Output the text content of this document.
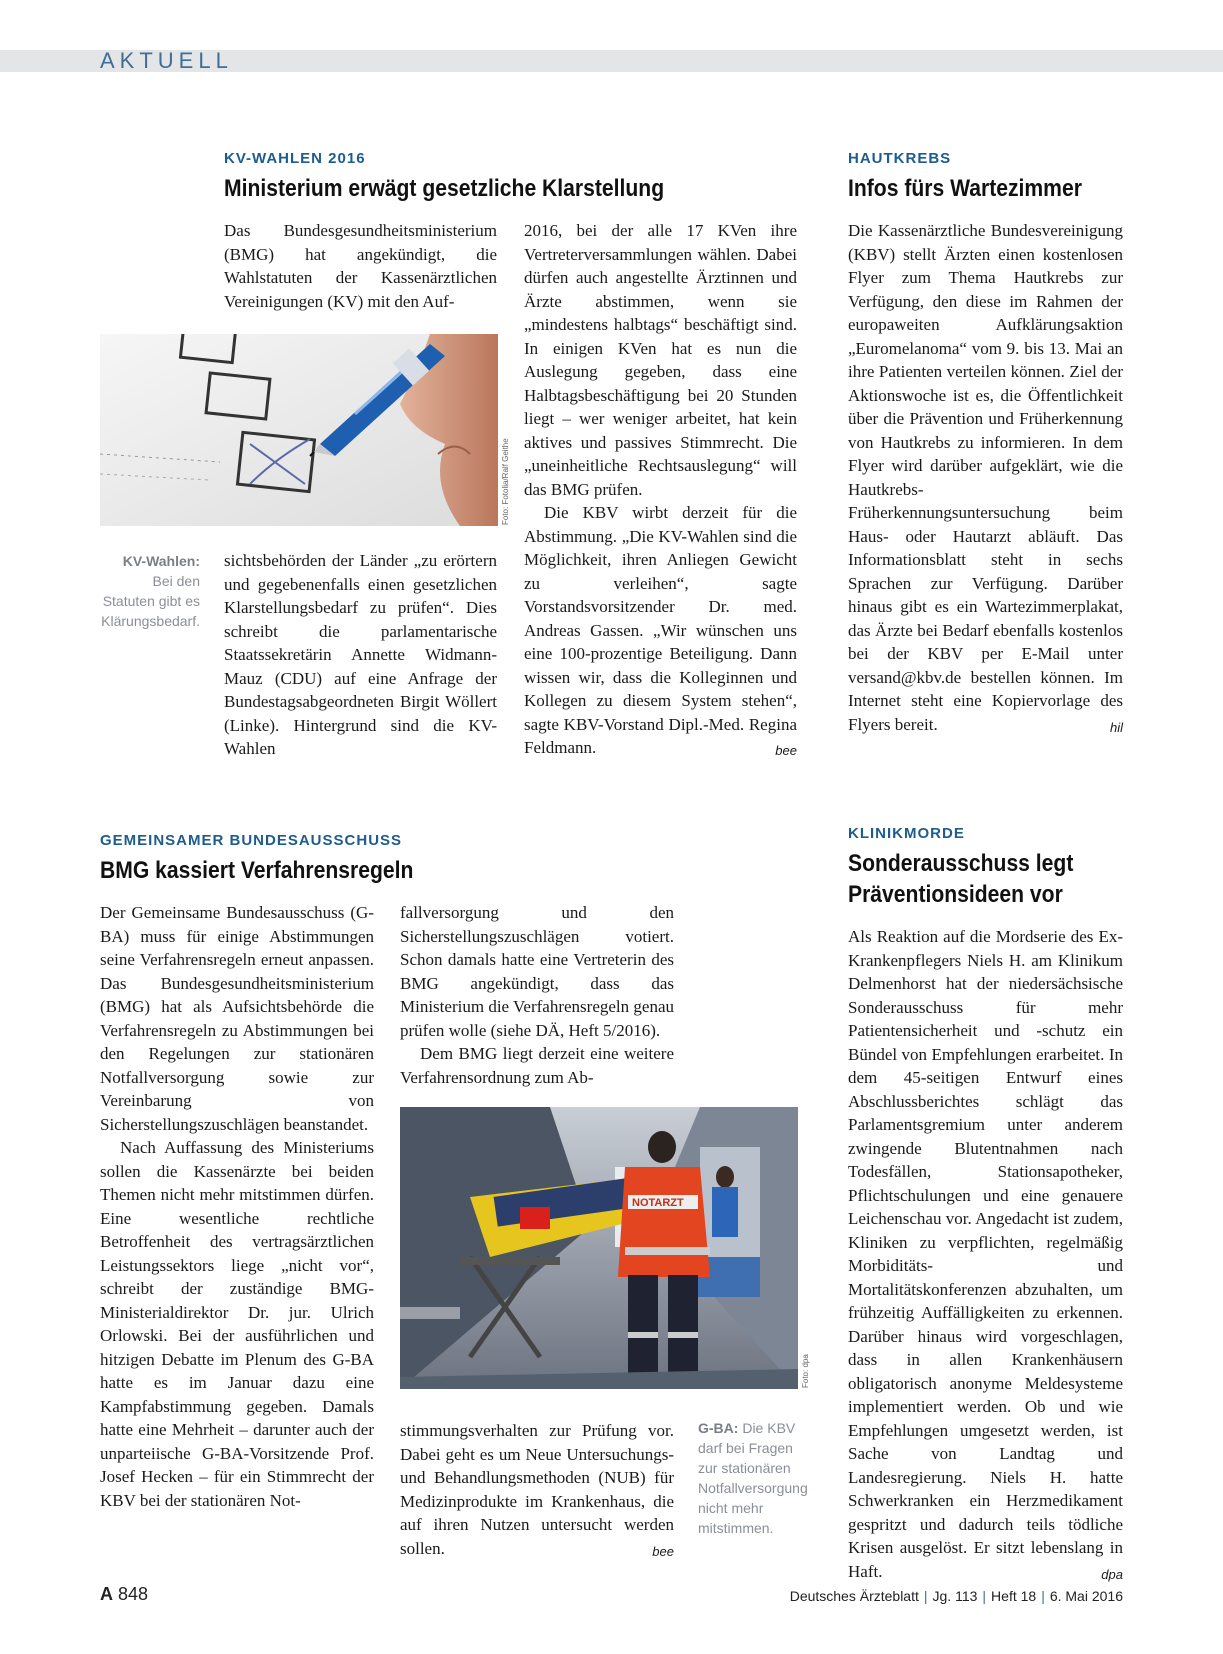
AKTUELL
KV-WAHLEN 2016
Ministerium erwägt gesetzliche Klarstellung

Das Bundesgesundheitsministerium (BMG) hat angekündigt, die Wahlstatuten der Kassenärztlichen Vereinigungen (KV) mit den Auf-

Foto: Fotolia/Ralf Geithe
KV-Wahlen: Bei den Statuten gibt es Klärungsbedarf.

sichtsbehörden der Länder „zu erörtern und gegebenenfalls einen gesetzlichen Klarstellungsbedarf zu prüfen“. Dies schreibt die parlamentarische Staatssekretärin Annette Widmann-Mauz (CDU) auf eine Anfrage der Bundestagsabgeordneten Birgit Wöllert (Linke). Hintergrund sind die KV-Wahlen

2016, bei der alle 17 KVen ihre Vertreterversammlungen wählen. Dabei dürfen auch angestellte Ärztinnen und Ärzte abstimmen, wenn sie „mindestens halbtags“ beschäftigt sind. In einigen KVen hat es nun die Auslegung gegeben, dass eine Halbtagsbeschäftigung bei 20 Stunden liegt – wer weniger arbeitet, hat kein aktives und passives Stimmrecht. Die „uneinheitliche Rechtsauslegung“ will das BMG prüfen.

Die KBV wirbt derzeit für die Abstimmung. „Die KV-Wahlen sind die Möglichkeit, ihren Anliegen Gewicht zu verleihen“, sagte Vorstandsvorsitzender Dr. med. Andreas Gassen. „Wir wünschen uns eine 100-prozentige Beteiligung. Dann wissen wir, dass die Kolleginnen und Kollegen zu diesem System stehen“, sagte KBV-Vorstand Dipl.-Med. Regina Feldmann.	bee

HAUTKREBS
Infos fürs Wartezimmer

Die Kassenärztliche Bundesvereinigung (KBV) stellt Ärzten einen kostenlosen Flyer zum Thema Hautkrebs zur Verfügung, den diese im Rahmen der europaweiten Aufklärungsaktion „Euromelanoma“ vom 9. bis 13. Mai an ihre Patienten verteilen können. Ziel der Aktionswoche ist es, die Öffentlichkeit über die Prävention und Früherkennung von Hautkrebs zu informieren. In dem Flyer wird darüber aufgeklärt, wie die Hautkrebs-Früherkennungsuntersuchung beim Haus- oder Hautarzt abläuft. Das Informationsblatt steht in sechs Sprachen zur Verfügung. Darüber hinaus gibt es ein Wartezimmerplakat, das Ärzte bei Bedarf ebenfalls kostenlos bei der KBV per E-Mail unter versand@kbv.de bestellen können. Im Internet steht eine Kopiervorlage des Flyers bereit.	hil

GEMEINSAMER BUNDESAUSSCHUSS
BMG kassiert Verfahrensregeln

Der Gemeinsame Bundesausschuss (G-BA) muss für einige Abstimmungen seine Verfahrensregeln erneut anpassen. Das Bundesgesundheitsministerium (BMG) hat als Aufsichtsbehörde die Verfahrensregeln zu Abstimmungen bei den Regelungen zur stationären Notfallversorgung sowie zur Vereinbarung von Sicherstellungszuschlägen beanstandet.

Nach Auffassung des Ministeriums sollen die Kassenärzte bei beiden Themen nicht mehr mitstimmen dürfen. Eine wesentliche rechtliche Betroffenheit des vertragsärztlichen Leistungssektors liege „nicht vor“, schreibt der zuständige BMG-Ministerialdirektor Dr. jur. Ulrich Orlowski. Bei der ausführlichen und hitzigen Debatte im Plenum des G-BA hatte es im Januar dazu eine Kampfabstimmung gegeben. Damals hatte eine Mehrheit – darunter auch der unparteiische G-BA-Vorsitzende Prof. Josef Hecken – für ein Stimmrecht der KBV bei der stationären Not-

fallversorgung und den Sicherstellungszuschlägen votiert. Schon damals hatte eine Vertreterin des BMG angekündigt, dass das Ministerium die Verfahrensregeln genau prüfen wolle (siehe DÄ, Heft 5/2016).

Dem BMG liegt derzeit eine weitere Verfahrensordnung zum Ab-

NOTARZT
Foto: dpa

stimmungsverhalten zur Prüfung vor. Dabei geht es um Neue Untersuchungs- und Behandlungsmethoden (NUB) für Medizinprodukte im Krankenhaus, die auf ihren Nutzen untersucht werden sollen.	bee

G-BA: Die KBV darf bei Fragen zur stationären Notfallversorgung nicht mehr mitstimmen.
KLINIKMORDE
Sonderausschuss legt
Präventionsideen vor

Als Reaktion auf die Mordserie des Ex-Krankenpflegers Niels H. am Klinikum Delmenhorst hat der niedersächsische Sonderausschuss für mehr Patientensicherheit und -schutz ein Bündel von Empfehlungen erarbeitet. In dem 45-seitigen Entwurf eines Abschlussberichtes schlägt das Parlamentsgremium unter anderem zwingende Blutentnahmen nach Todesfällen, Stationsapotheker, Pflichtschulungen und eine genauere Leichenschau vor. Angedacht ist zudem, Kliniken zu verpflichten, regelmäßig Morbiditäts- und Mortalitätskonferenzen abzuhalten, um frühzeitig Auffälligkeiten zu erkennen. Darüber hinaus wird vorgeschlagen, dass in allen Krankenhäusern obligatorisch anonyme Meldesysteme implementiert werden. Ob und wie Empfehlungen umgesetzt werden, ist Sache von Landtag und Landesregierung. Niels H. hatte Schwerkranken ein Herzmedikament gespritzt und dadurch teils tödliche Krisen ausgelöst. Er sitzt lebenslang in Haft.	dpa

A 848	Deutsches Ärzteblatt | Jg. 113 | Heft 18 | 6. Mai 2016
